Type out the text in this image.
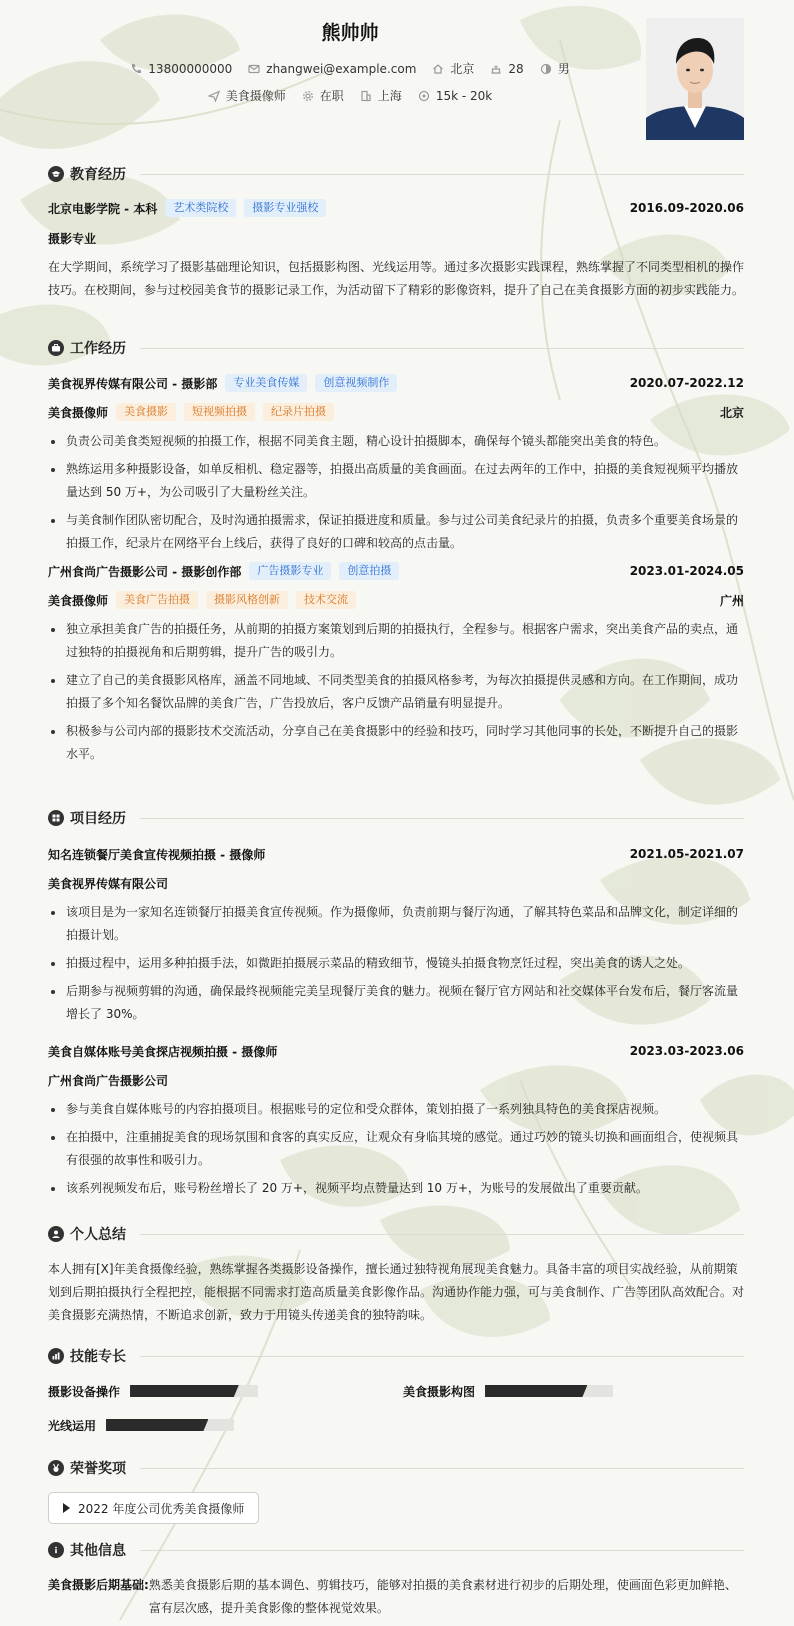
熊帅帅
13800000000	zhangwei@example.com	北京	28	男
美食摄像师	在职	上海	15k - 20k
教育经历
北京电影学院 - 本科	艺术类院校	摄影专业强校	2016.09-2020.06
摄影专业
在大学期间，系统学习了摄影基础理论知识，包括摄影构图、光线运用等。通过多次摄影实践课程，熟练掌握了不同类型相机的操作技巧。在校期间，参与过校园美食节的摄影记录工作，为活动留下了精彩的影像资料，提升了自己在美食摄影方面的初步实践能力。
工作经历
美食视界传媒有限公司 - 摄影部	专业美食传媒	创意视频制作	2020.07-2022.12
美食摄像师	美食摄影	短视频拍摄	纪录片拍摄	北京
负责公司美食类短视频的拍摄工作，根据不同美食主题，精心设计拍摄脚本，确保每个镜头都能突出美食的特色。
熟练运用多种摄影设备，如单反相机、稳定器等，拍摄出高质量的美食画面。在过去两年的工作中，拍摄的美食短视频平均播放量达到 50 万+，为公司吸引了大量粉丝关注。
与美食制作团队密切配合，及时沟通拍摄需求，保证拍摄进度和质量。参与过公司美食纪录片的拍摄，负责多个重要美食场景的拍摄工作，纪录片在网络平台上线后，获得了良好的口碑和较高的点击量。
广州食尚广告摄影公司 - 摄影创作部	广告摄影专业	创意拍摄	2023.01-2024.05
美食摄像师	美食广告拍摄	摄影风格创新	技术交流	广州
独立承担美食广告的拍摄任务，从前期的拍摄方案策划到后期的拍摄执行，全程参与。根据客户需求，突出美食产品的卖点，通过独特的拍摄视角和后期剪辑，提升广告的吸引力。
建立了自己的美食摄影风格库，涵盖不同地域、不同类型美食的拍摄风格参考，为每次拍摄提供灵感和方向。在工作期间，成功拍摄了多个知名餐饮品牌的美食广告，广告投放后，客户反馈产品销量有明显提升。
积极参与公司内部的摄影技术交流活动，分享自己在美食摄影中的经验和技巧，同时学习其他同事的长处，不断提升自己的摄影水平。
项目经历
知名连锁餐厅美食宣传视频拍摄 - 摄像师	2021.05-2021.07
美食视界传媒有限公司
该项目是为一家知名连锁餐厅拍摄美食宣传视频。作为摄像师，负责前期与餐厅沟通，了解其特色菜品和品牌文化，制定详细的拍摄计划。
拍摄过程中，运用多种拍摄手法，如微距拍摄展示菜品的精致细节，慢镜头拍摄食物烹饪过程，突出美食的诱人之处。
后期参与视频剪辑的沟通，确保最终视频能完美呈现餐厅美食的魅力。视频在餐厅官方网站和社交媒体平台发布后，餐厅客流量增长了 30%。
美食自媒体账号美食探店视频拍摄 - 摄像师	2023.03-2023.06
广州食尚广告摄影公司
参与美食自媒体账号的内容拍摄项目。根据账号的定位和受众群体，策划拍摄了一系列独具特色的美食探店视频。
在拍摄中，注重捕捉美食的现场氛围和食客的真实反应，让观众有身临其境的感觉。通过巧妙的镜头切换和画面组合，使视频具有很强的故事性和吸引力。
该系列视频发布后，账号粉丝增长了 20 万+，视频平均点赞量达到 10 万+，为账号的发展做出了重要贡献。
个人总结
本人拥有[X]年美食摄像经验，熟练掌握各类摄影设备操作，擅长通过独特视角展现美食魅力。具备丰富的项目实战经验，从前期策划到后期拍摄执行全程把控，能根据不同需求打造高质量美食影像作品。沟通协作能力强，可与美食制作、广告等团队高效配合。对美食摄影充满热情，不断追求创新，致力于用镜头传递美食的独特韵味。
技能专长
摄影设备操作	美食摄影构图
光线运用
荣誉奖项
2022 年度公司优秀美食摄像师
其他信息
美食摄影后期基础: 熟悉美食摄影后期的基本调色、剪辑技巧，能够对拍摄的美食素材进行初步的后期处理，使画面色彩更加鲜艳、富有层次感，提升美食影像的整体视觉效果。
